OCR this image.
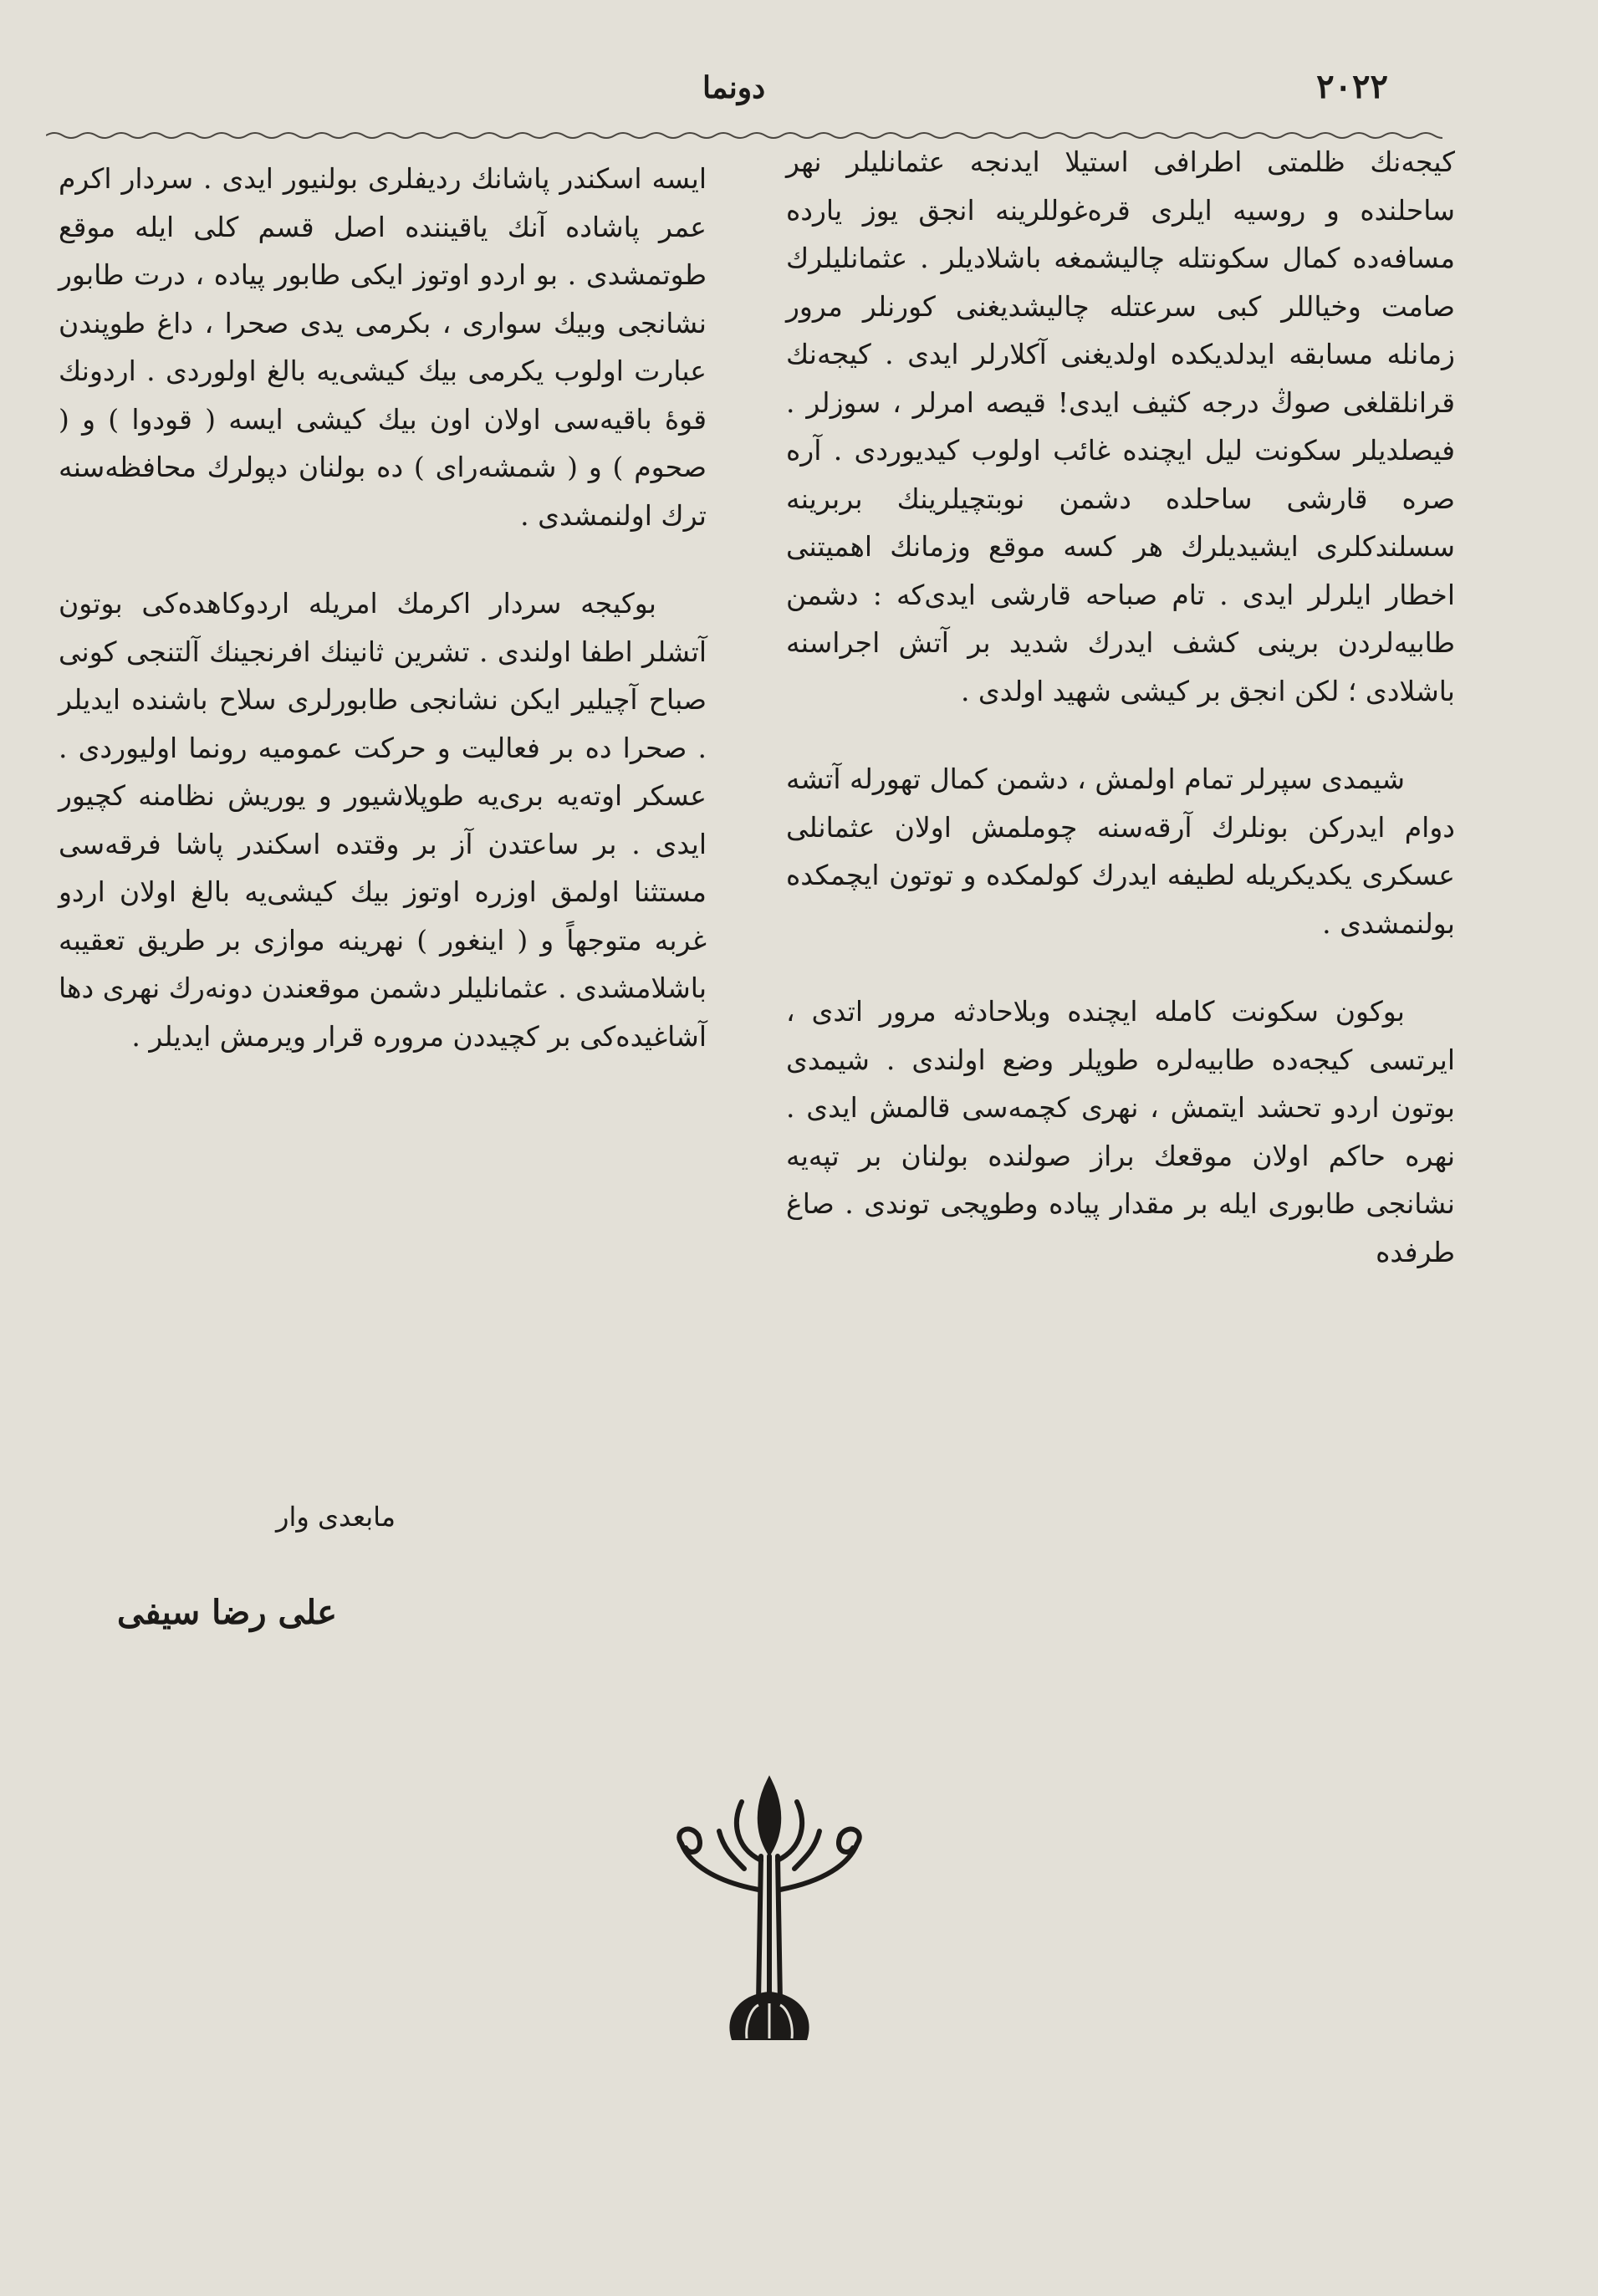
دونما	٢٠٢٢

کیجه‌نك ظلمتی اطرافی استیلا ایدنجه عثمانلیلر نهر ساحلنده و روسیه ایلری قره‌غوللرینه انجق یوز یارده مسافه‌ده کمال سکونتله چالیشمغه باشلادیلر . عثمانلیلرك صامت وخیاللر کبی سرعتله چالیشدیغنی کورنلر مرور زمانله مسابقه ایدلدیکده اولدیغنی آکلارلر ایدی . کیجه‌نك قرانلقلغی صوڭ درجه کثیف ایدی! قیصه امرلر ، سوزلر . فیصلدیلر سکونت لیل ایچنده غائب اولوب کیدیوردی . آره صره قارشی ساحلده دشمن نوبتچیلرینك بربرینه سسلندکلری ایشیدیلرك هر کسه موقع وزمانك اهمیتنی اخطار ایلرلر ایدی . تام صباحه قارشی ایدی‌که : دشمن طابیه‌لردن برینی کشف ایدرك شدید بر آتش اجراسنه باشلادی ؛ لکن انجق بر کیشی شهید اولدی .

شیمدی سپرلر تمام اولمش ، دشمن کمال تهورله آتشه دوام ایدرکن بونلرك آرقه‌سنه چوملمش اولان عثمانلی عسکری یکدیکریله لطیفه ایدرك کولمکده و توتون ایچمکده بولنمشدی .

بوکون سکونت کامله ایچنده وبلاحادثه مرور اتدی ، ایرتسی کیجه‌ده طابیه‌لره طوپلر وضع اولندی . شیمدی بوتون اردو تحشد ایتمش ، نهری کچمه‌سی قالمش ایدی . نهره حاکم اولان موقعك براز صولنده بولنان بر تپه‌یه نشانجی طابوری ایله بر مقدار پیاده وطوپجی توندی . صاغ طرفده

ایسه اسکندر پاشانك ردیفلری بولنیور ایدی . سردار اکرم عمر پاشاده آنك یاقیننده اصل قسم کلی ایله موقع طوتمشدی . بو اردو اوتوز ایکی طابور پیاده ، درت طابور نشانجی وبیك سواری ، بکرمی یدی صحرا ، داغ طوپندن عبارت اولوب یکرمی بیك کیشی‌یه بالغ اولوردی . اردونك قوۀ باقیه‌سی اولان اون بیك کیشی ایسه ( قودوا ) و ( صحوم ) و ( شمشه‌رای ) ده بولنان دپولرك محافظه‌سنه ترك اولنمشدی .

بوکیجه سردار اکرمك امریله اردوکاهده‌کی بوتون آتشلر اطفا اولندی . تشرین ثانینك افرنجینك آلتنجی کونی صباح آچیلیر ایکن نشانجی طابورلری سلاح باشنده ایدیلر . صحرا ده بر فعالیت و حرکت عمومیه رونما اولیوردی . عسکر اوته‌یه بری‌یه طوپلاشیور و یوریش نظامنه کچیور ایدی . بر ساعتدن آز بر وقتده اسکندر پاشا فرقه‌سی مستثنا اولمق اوزره اوتوز بیك کیشی‌یه بالغ اولان اردو غربه متوجهاً و ( اینغور ) نهرینه موازی بر طریق تعقیبه باشلامشدی . عثمانلیلر دشمن موقعندن دونه‌رك نهری دها آشاغیده‌کی بر کچیددن مروره قرار ویرمش ایدیلر .

مابعدی وار
علی رضا سیفی
